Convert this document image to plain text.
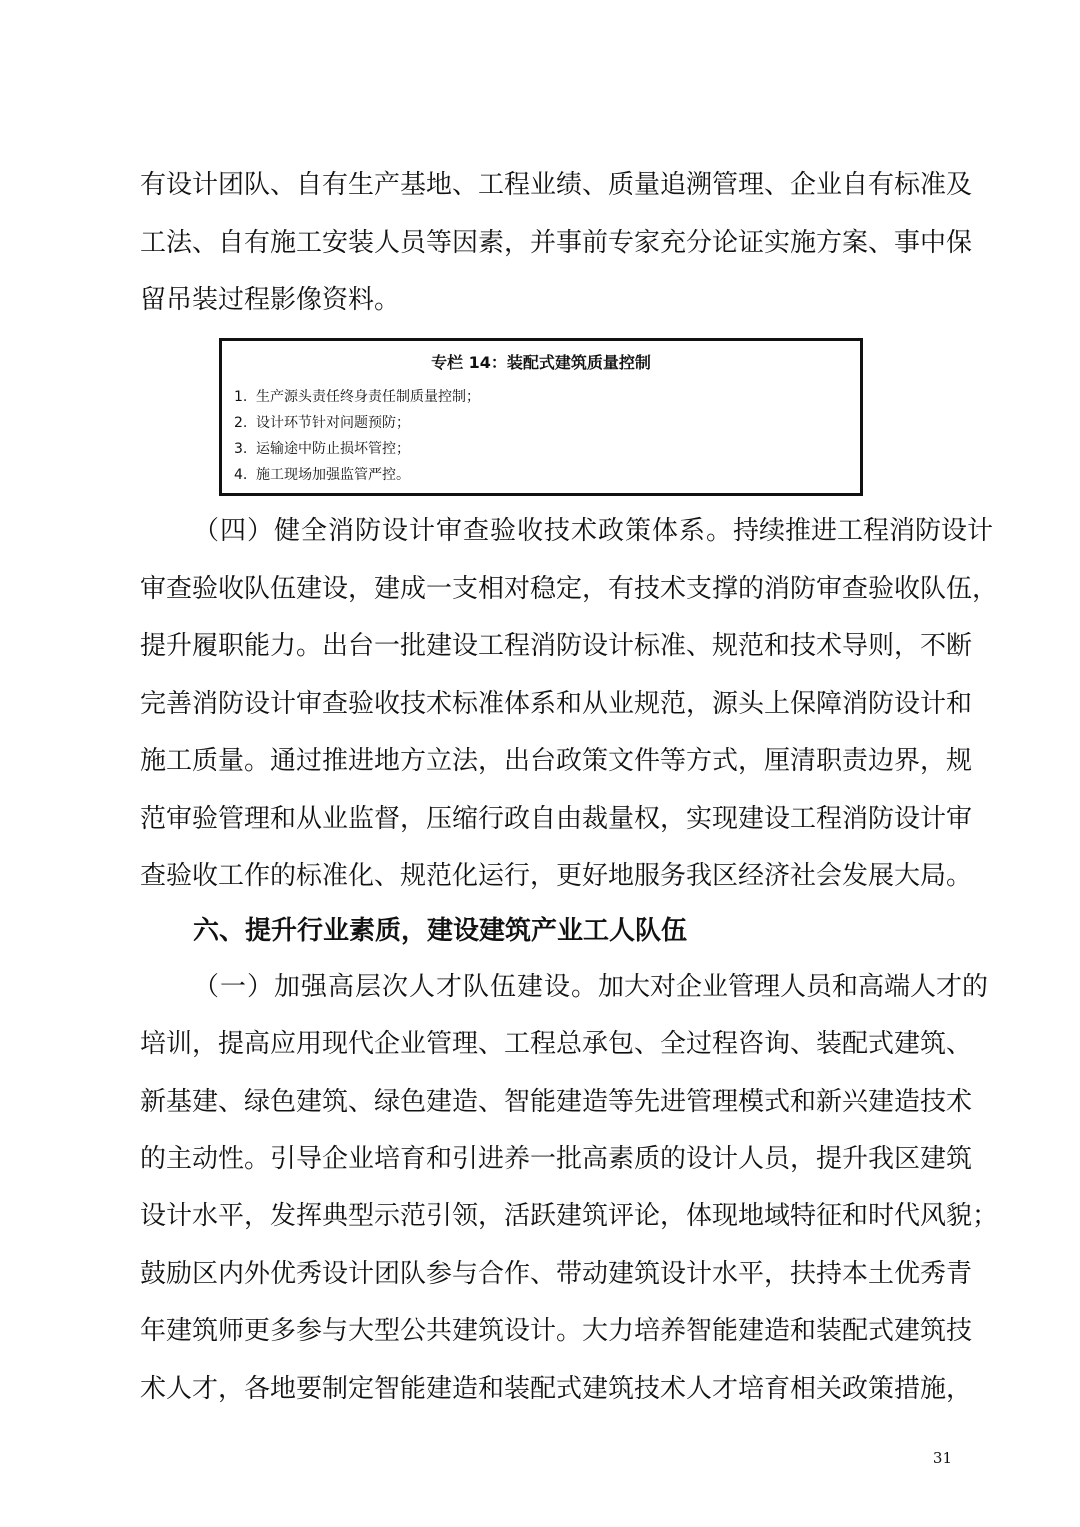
有设计团队、自有生产基地、工程业绩、质量追溯管理、企业自有标准及
工法、自有施工安装人员等因素，并事前专家充分论证实施方案、事中保
留吊装过程影像资料。
专栏 14：装配式建筑质量控制
1. 生产源头责任终身责任制质量控制；
2. 设计环节针对问题预防；
3. 运输途中防止损坏管控；
4. 施工现场加强监管严控。
（四）健全消防设计审查验收技术政策体系。持续推进工程消防设计
审查验收队伍建设，建成一支相对稳定，有技术支撑的消防审查验收队伍，
提升履职能力。出台一批建设工程消防设计标准、规范和技术导则，不断
完善消防设计审查验收技术标准体系和从业规范，源头上保障消防设计和
施工质量。通过推进地方立法，出台政策文件等方式，厘清职责边界，规
范审验管理和从业监督，压缩行政自由裁量权，实现建设工程消防设计审
查验收工作的标准化、规范化运行，更好地服务我区经济社会发展大局。
六、提升行业素质，建设建筑产业工人队伍
（一）加强高层次人才队伍建设。加大对企业管理人员和高端人才的
培训，提高应用现代企业管理、工程总承包、全过程咨询、装配式建筑、
新基建、绿色建筑、绿色建造、智能建造等先进管理模式和新兴建造技术
的主动性。引导企业培育和引进养一批高素质的设计人员，提升我区建筑
设计水平，发挥典型示范引领，活跃建筑评论，体现地域特征和时代风貌；
鼓励区内外优秀设计团队参与合作、带动建筑设计水平，扶持本土优秀青
年建筑师更多参与大型公共建筑设计。大力培养智能建造和装配式建筑技
术人才，各地要制定智能建造和装配式建筑技术人才培育相关政策措施，
31
